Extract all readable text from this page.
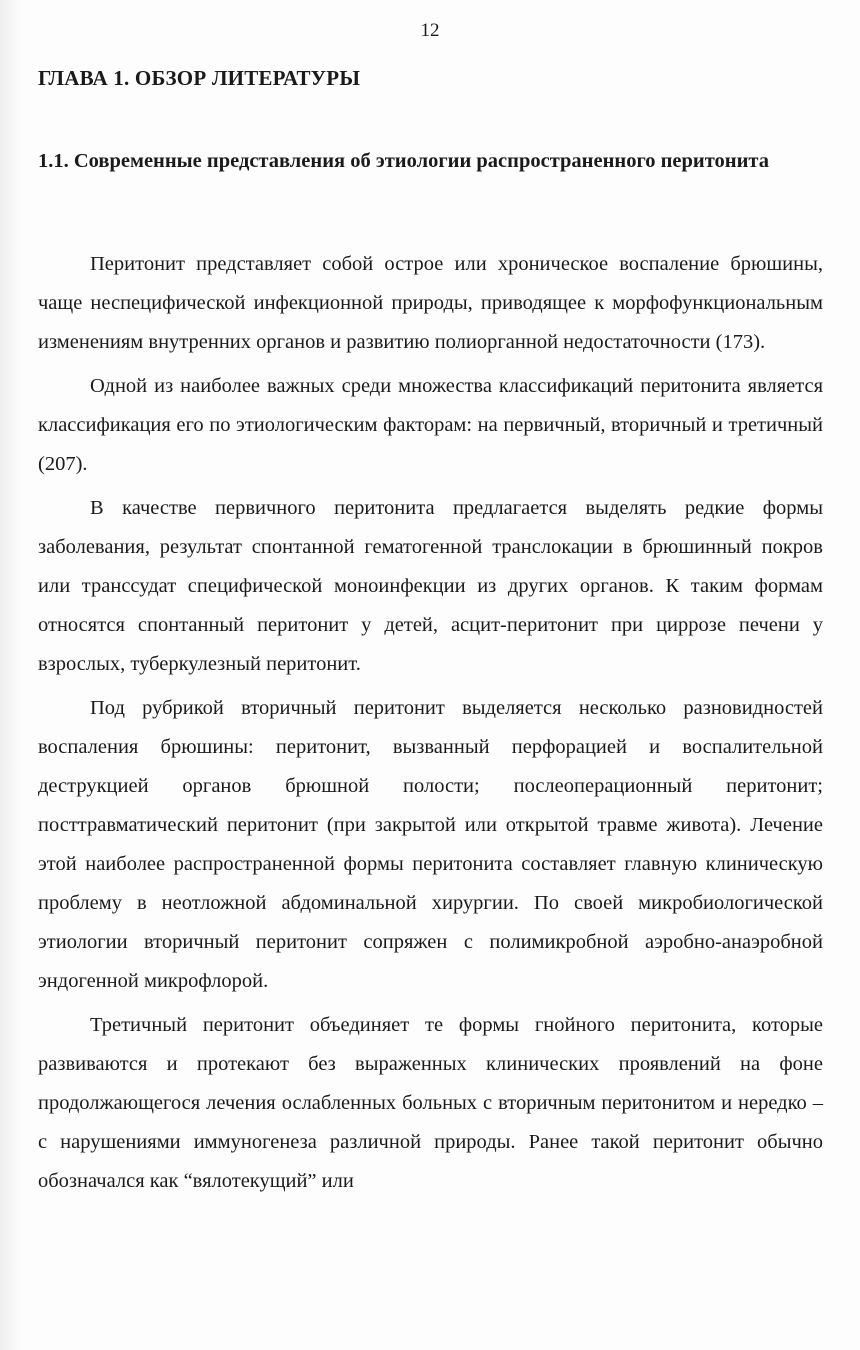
12
ГЛАВА 1. ОБЗОР ЛИТЕРАТУРЫ
1.1. Современные представления об этиологии распространенного перитонита

Перитонит представляет собой острое или хроническое воспаление брюшины, чаще неспецифической инфекционной природы, приводящее к морфофункциональным изменениям внутренних органов и развитию полиорганной недостаточности (173).

Одной из наиболее важных среди множества классификаций перитонита является классификация его по этиологическим факторам: на первичный, вторичный и третичный (207).

В качестве первичного перитонита предлагается выделять редкие формы заболевания, результат спонтанной гематогенной транслокации в брюшинный покров или транссудат специфической моноинфекции из других органов. К таким формам относятся спонтанный перитонит у детей, асцит-перитонит при циррозе печени у взрослых, туберкулезный перитонит.

Под рубрикой вторичный перитонит выделяется несколько разновидностей воспаления брюшины: перитонит, вызванный перфорацией и воспалительной деструкцией органов брюшной полости; послеоперационный перитонит; посттравматический перитонит (при закрытой или открытой травме живота). Лечение этой наиболее распространенной формы перитонита составляет главную клиническую проблему в неотложной абдоминальной хирургии. По своей микробиологической этиологии вторичный перитонит сопряжен с полимикробной аэробно-анаэробной эндогенной микрофлорой.

Третичный перитонит объединяет те формы гнойного перитонита, которые развиваются и протекают без выраженных клинических проявлений на фоне продолжающегося лечения ослабленных больных с вторичным перитонитом и нередко – с нарушениями иммуногенеза различной природы. Ранее такой перитонит обычно обозначался как “вялотекущий” или
